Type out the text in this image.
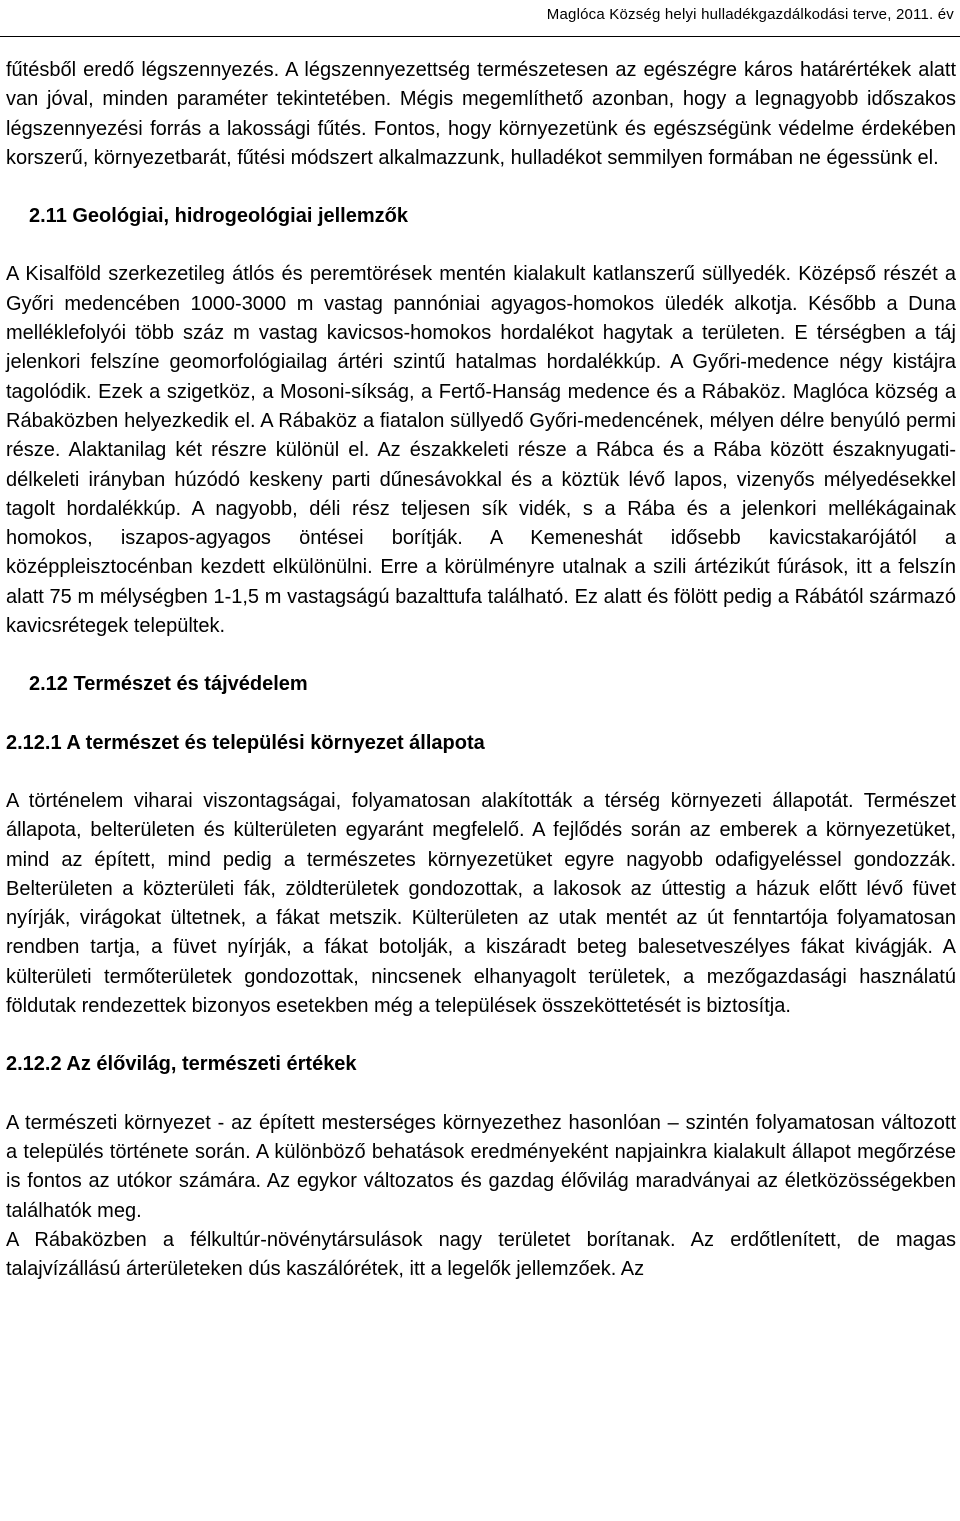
Maglóca Község helyi hulladékgazdálkodási terve, 2011. év

fűtésből eredő légszennyezés. A légszennyezettség természetesen az egészégre káros határértékek alatt van jóval, minden paraméter tekintetében. Mégis megemlíthető azonban, hogy a legnagyobb időszakos légszennyezési forrás a lakossági fűtés. Fontos, hogy környezetünk és egészségünk védelme érdekében korszerű, környezetbarát, fűtési módszert alkalmazzunk, hulladékot semmilyen formában ne égessünk el.

2.11 Geológiai, hidrogeológiai jellemzők

A Kisalföld szerkezetileg átlós és peremtörések mentén kialakult katlanszerű süllyedék. Középső részét a Győri medencében 1000-3000 m vastag pannóniai agyagos-homokos üledék alkotja. Később a Duna melléklefolyói több száz m vastag kavicsos-homokos hordalékot hagytak a területen. E térségben a táj jelenkori felszíne geomorfológiailag ártéri szintű hatalmas hordalékkúp. A Győri-medence négy kistájra tagolódik. Ezek a szigetköz, a Mosoni-síkság, a Fertő-Hanság medence és a Rábaköz. Maglóca község a Rábaközben helyezkedik el. A Rábaköz a fiatalon süllyedő Győri-medencének, mélyen délre benyúló permi része. Alaktanilag két részre különül el. Az északkeleti része a Rábca és a Rába között északnyugati-délkeleti irányban húzódó keskeny parti dűnesávokkal és a köztük lévő lapos, vizenyős mélyedésekkel tagolt hordalékkúp. A nagyobb, déli rész teljesen sík vidék, s a Rába és a jelenkori mellékágainak homokos, iszapos-agyagos öntései borítják. A Kemeneshát idősebb kavicstakarójától a középpleisztocénban kezdett elkülönülni. Erre a körülményre utalnak a szili ártézikút fúrások, itt a felszín alatt 75 m mélységben 1-1,5 m vastagságú bazalttufa található. Ez alatt és fölött pedig a Rábától származó kavicsrétegek települtek.

2.12 Természet és tájvédelem
2.12.1 A természet és települési környezet állapota

A történelem viharai viszontagságai, folyamatosan alakították a térség környezeti állapotát. Természet állapota, belterületen és külterületen egyaránt megfelelő. A fejlődés során az emberek a környezetüket, mind az épített, mind pedig a természetes környezetüket egyre nagyobb odafigyeléssel gondozzák. Belterületen a közterületi fák, zöldterületek gondozottak, a lakosok az úttestig a házuk előtt lévő füvet nyírják, virágokat ültetnek, a fákat metszik. Külterületen az utak mentét az út fenntartója folyamatosan rendben tartja, a füvet nyírják, a fákat botolják, a kiszáradt beteg balesetveszélyes fákat kivágják. A külterületi termőterületek gondozottak, nincsenek elhanyagolt területek, a mezőgazdasági használatú földutak rendezettek bizonyos esetekben még a települések összeköttetését is biztosítja.

2.12.2 Az élővilág, természeti értékek

A természeti környezet - az épített mesterséges környezethez hasonlóan – szintén folyamatosan változott a település története során. A különböző behatások eredményeként napjainkra kialakult állapot megőrzése is fontos az utókor számára. Az egykor változatos és gazdag élővilág maradványai az életközösségekben találhatók meg.

A Rábaközben a félkultúr-növénytársulások nagy területet borítanak. Az erdőtlenített, de magas talajvízállású árterületeken dús kaszálórétek, itt a legelők jellemzőek. Az
